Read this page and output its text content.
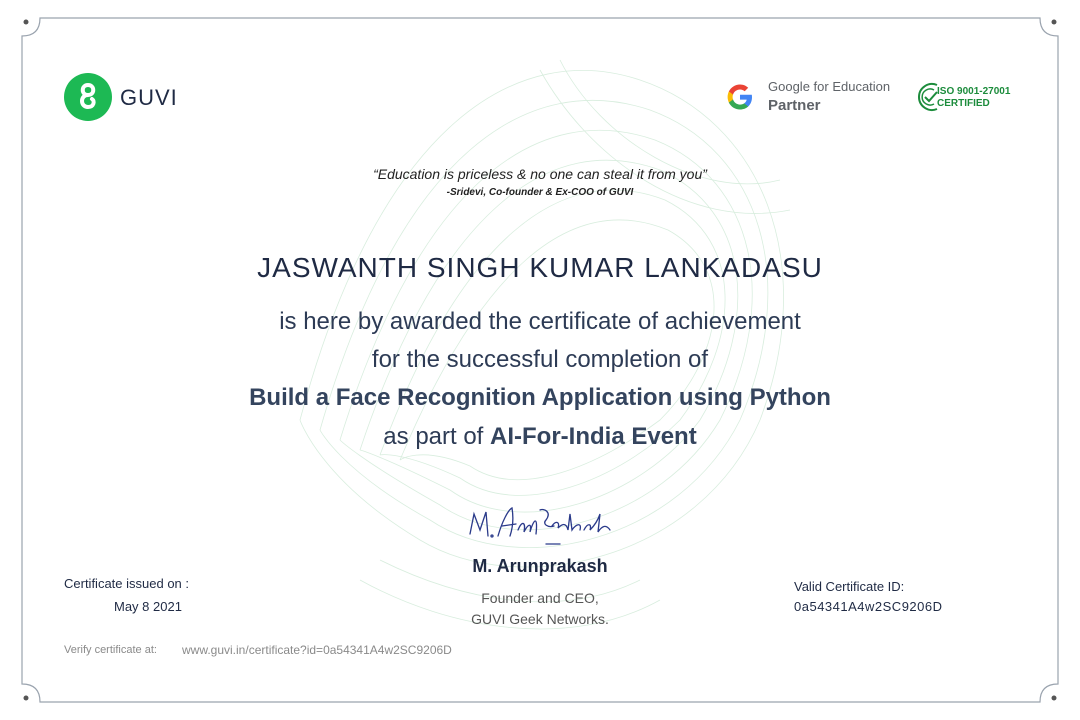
GUVI	Google for Education
Partner
ISO 9001-27001
CERTIFIED
“Education is priceless & no one can steal it from you”
-Sridevi, Co-founder & Ex-COO of GUVI
JASWANTH SINGH KUMAR LANKADASU
is here by awarded the certificate of achievement
for the successful completion of
Build a Face Recognition Application using Python
as part of AI-For-India Event
M. Arunprakash
Founder and CEO,
GUVI Geek Networks.
Certificate issued on :
May 8 2021
Valid Certificate ID:
0a54341A4w2SC9206D
Verify certificate at: www.guvi.in/certificate?id=0a54341A4w2SC9206D
